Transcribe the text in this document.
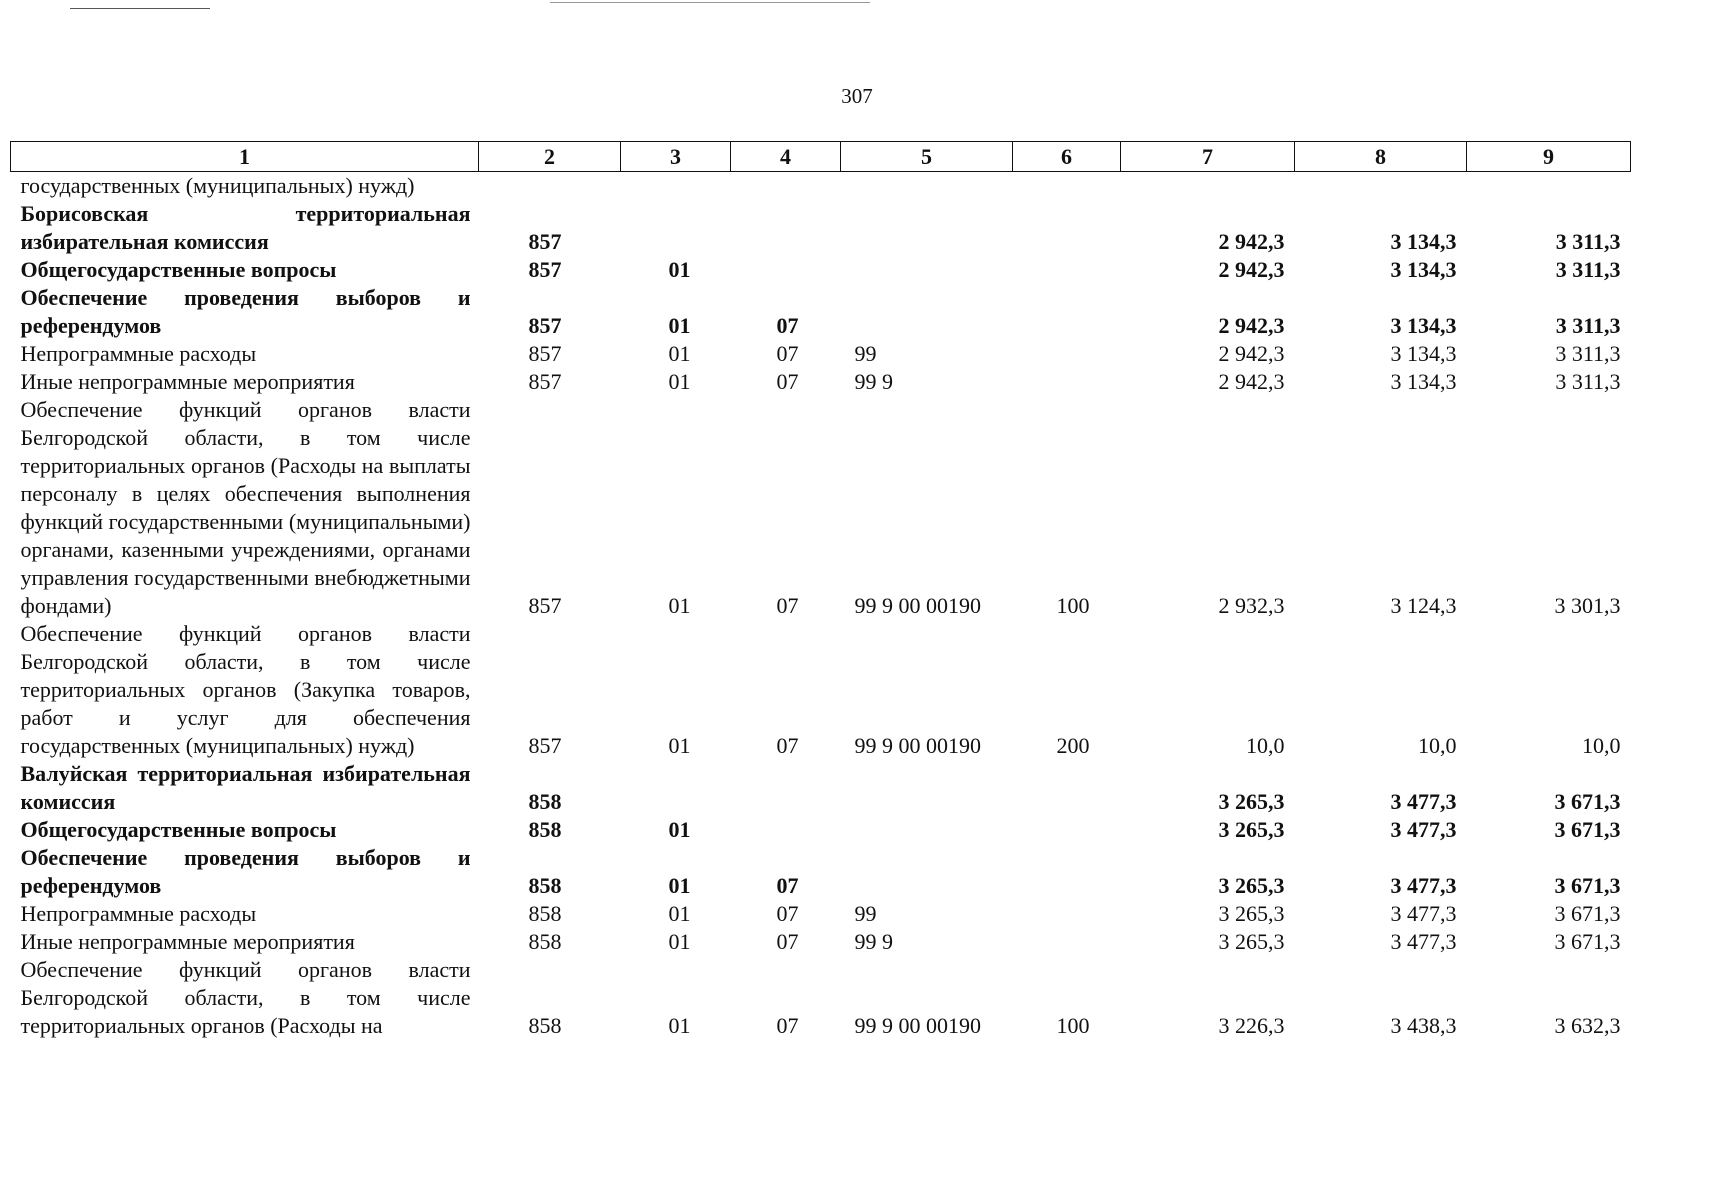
307
1	2	3	4	5	6	7	8	9
государственных (муниципальных) нужд)								
Борисовская территориальная избирательная комиссия	857					2 942,3	3 134,3	3 311,3
Общегосударственные вопросы	857	01				2 942,3	3 134,3	3 311,3
Обеспечение проведения выборов и референдумов	857	01	07			2 942,3	3 134,3	3 311,3
Непрограммные расходы	857	01	07	99		2 942,3	3 134,3	3 311,3
Иные непрограммные мероприятия	857	01	07	99 9		2 942,3	3 134,3	3 311,3
Обеспечение функций органов власти Белгородской области, в том числе территориальных органов (Расходы на выплаты персоналу в целях обеспечения выполнения функций государственными (муниципальными) органами, казенными учреждениями, органами управления государственными внебюджетными фондами)	857	01	07	99 9 00 00190	100	2 932,3	3 124,3	3 301,3
Обеспечение функций органов власти Белгородской области, в том числе территориальных органов (Закупка товаров, работ и услуг для обеспечения государственных (муниципальных) нужд)	857	01	07	99 9 00 00190	200	10,0	10,0	10,0
Валуйская территориальная избирательная комиссия	858					3 265,3	3 477,3	3 671,3
Общегосударственные вопросы	858	01				3 265,3	3 477,3	3 671,3
Обеспечение проведения выборов и референдумов	858	01	07			3 265,3	3 477,3	3 671,3
Непрограммные расходы	858	01	07	99		3 265,3	3 477,3	3 671,3
Иные непрограммные мероприятия	858	01	07	99 9		3 265,3	3 477,3	3 671,3
Обеспечение функций органов власти Белгородской области, в том числе территориальных органов (Расходы на	858	01	07	99 9 00 00190	100	3 226,3	3 438,3	3 632,3
